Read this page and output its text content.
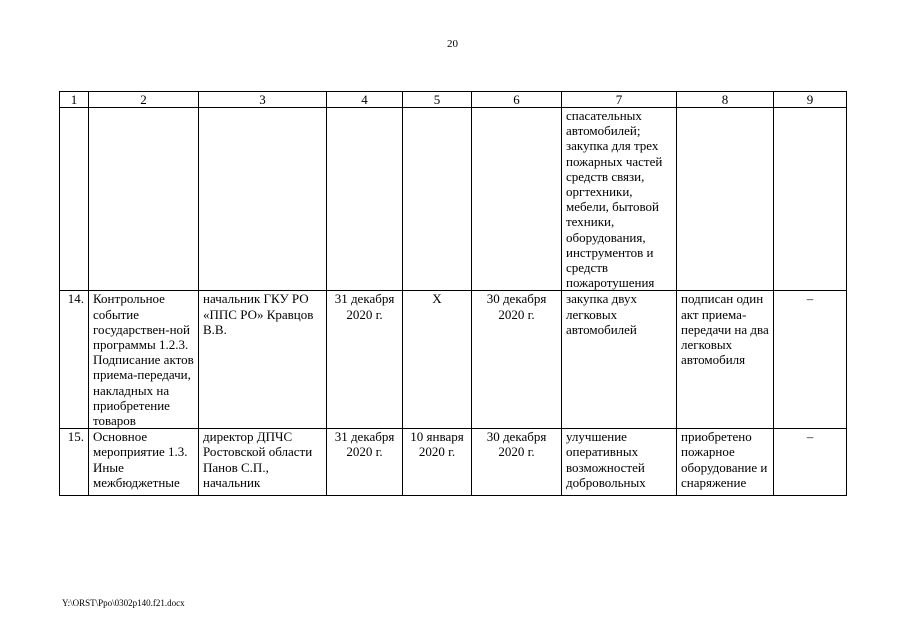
20
1	2	3	4	5	6	7	8	9
						спасательных автомобилей; закупка для трех пожарных частей средств связи, оргтехники, мебели, бытовой техники, оборудования, инструментов и средств пожаротушения		
14.	Контрольное событие государствен-ной программы 1.2.3. Подписание актов приема-передачи, накладных на приобретение товаров	начальник ГКУ РО «ППС РО» Кравцов В.В.	31 декабря 2020 г.	Х	30 декабря 2020 г.	закупка двух легковых автомобилей	подписан один акт приема-передачи на два легковых автомобиля	–

15.	Основное мероприятие 1.3. Иные межбюджетные	директор ДПЧС Ростовской области Панов С.П., начальник	31 декабря 2020 г.	10 января 2020 г.	30 декабря 2020 г.	улучшение оперативных возможностей добровольных	приобретено пожарное оборудование и снаряжение	–
Y:\ORST\Ppo\0302p140.f21.docx
